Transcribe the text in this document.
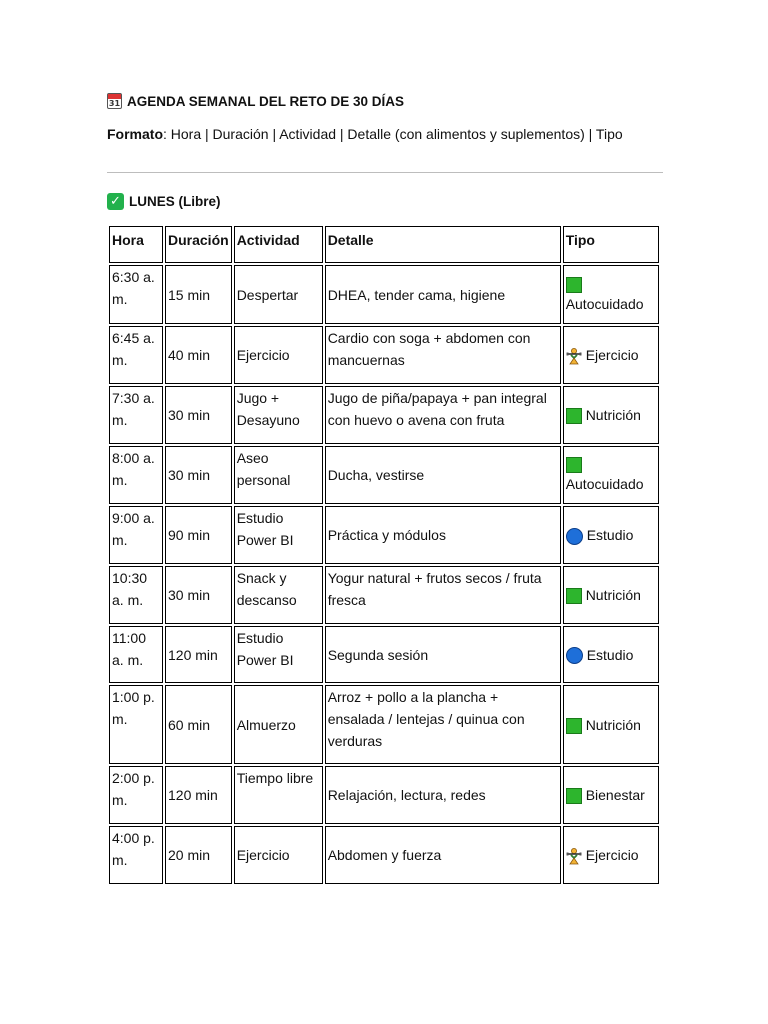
31 AGENDA SEMANAL DEL RETO DE 30 DÍAS
Formato: Hora | Duración | Actividad | Detalle (con alimentos y suplementos) | Tipo
✓ LUNES (Libre)
Hora	Duración	Actividad	Detalle	Tipo
6:30 a. m.	15 min	Despertar	DHEA, tender cama, higiene	Autocuidado
6:45 a. m.	40 min	Ejercicio	Cardio con soga + abdomen con mancuernas	Ejercicio
7:30 a. m.	30 min	Jugo + Desayuno	Jugo de piña/papaya + pan integral con huevo o avena con fruta	Nutrición
8:00 a. m.	30 min	Aseo personal	Ducha, vestirse	Autocuidado
9:00 a. m.	90 min	Estudio Power BI	Práctica y módulos	Estudio
10:30 a. m.	30 min	Snack y descanso	Yogur natural + frutos secos / fruta fresca	Nutrición
11:00 a. m.	120 min	Estudio Power BI	Segunda sesión	Estudio
1:00 p. m.	60 min	Almuerzo	Arroz + pollo a la plancha + ensalada / lentejas / quinua con verduras	Nutrición
2:00 p. m.	120 min	Tiempo libre	Relajación, lectura, redes	Bienestar
4:00 p. m.	20 min	Ejercicio	Abdomen y fuerza	Ejercicio
